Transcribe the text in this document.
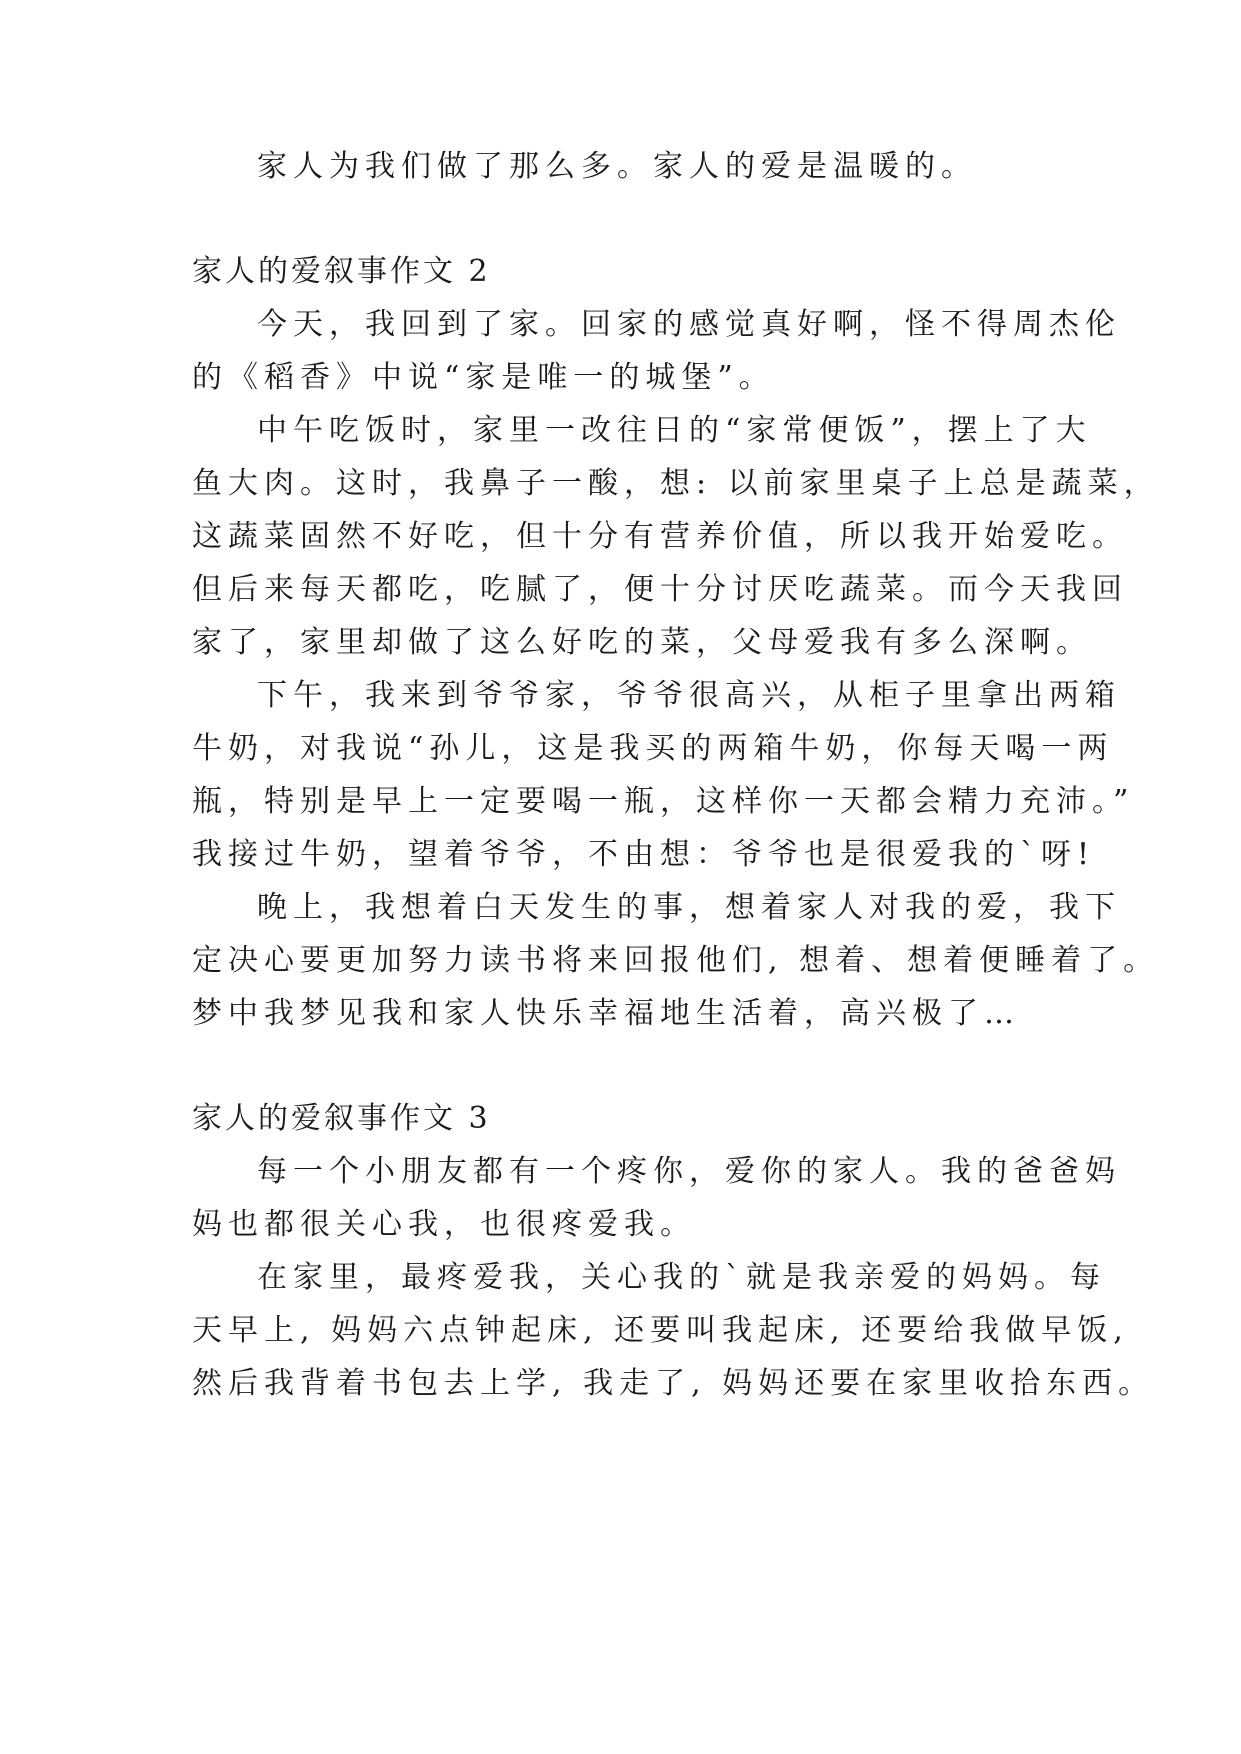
家人为我们做了那么多。家人的爱是温暖的。
家人的爱叙事作文 2
今天，我回到了家。回家的感觉真好啊，怪不得周杰伦
的《稻香》中说“家是唯一的城堡”。
中午吃饭时，家里一改往日的“家常便饭”，摆上了大
鱼大肉。这时，我鼻子一酸，想: 以前家里桌子上总是蔬菜，
这蔬菜固然不好吃，但十分有营养价值，所以我开始爱吃。
但后来每天都吃，吃腻了，便十分讨厌吃蔬菜。而今天我回
家了，家里却做了这么好吃的菜，父母爱我有多么深啊。
下午，我来到爷爷家，爷爷很高兴，从柜子里拿出两箱
牛奶，对我说“孙儿，这是我买的两箱牛奶，你每天喝一两
瓶，特别是早上一定要喝一瓶，这样你一天都会精力充沛。”
我接过牛奶，望着爷爷，不由想：爷爷也是很爱我的`呀!
晚上，我想着白天发生的事，想着家人对我的爱，我下
定决心要更加努力读书将来回报他们, 想着、想着便睡着了。
梦中我梦见我和家人快乐幸福地生活着，高兴极了…
家人的爱叙事作文 3
每一个小朋友都有一个疼你，爱你的家人。我的爸爸妈
妈也都很关心我，也很疼爱我。
在家里，最疼爱我，关心我的`就是我亲爱的妈妈。每
天早上, 妈妈六点钟起床, 还要叫我起床, 还要给我做早饭,
然后我背着书包去上学, 我走了, 妈妈还要在家里收拾东西。
